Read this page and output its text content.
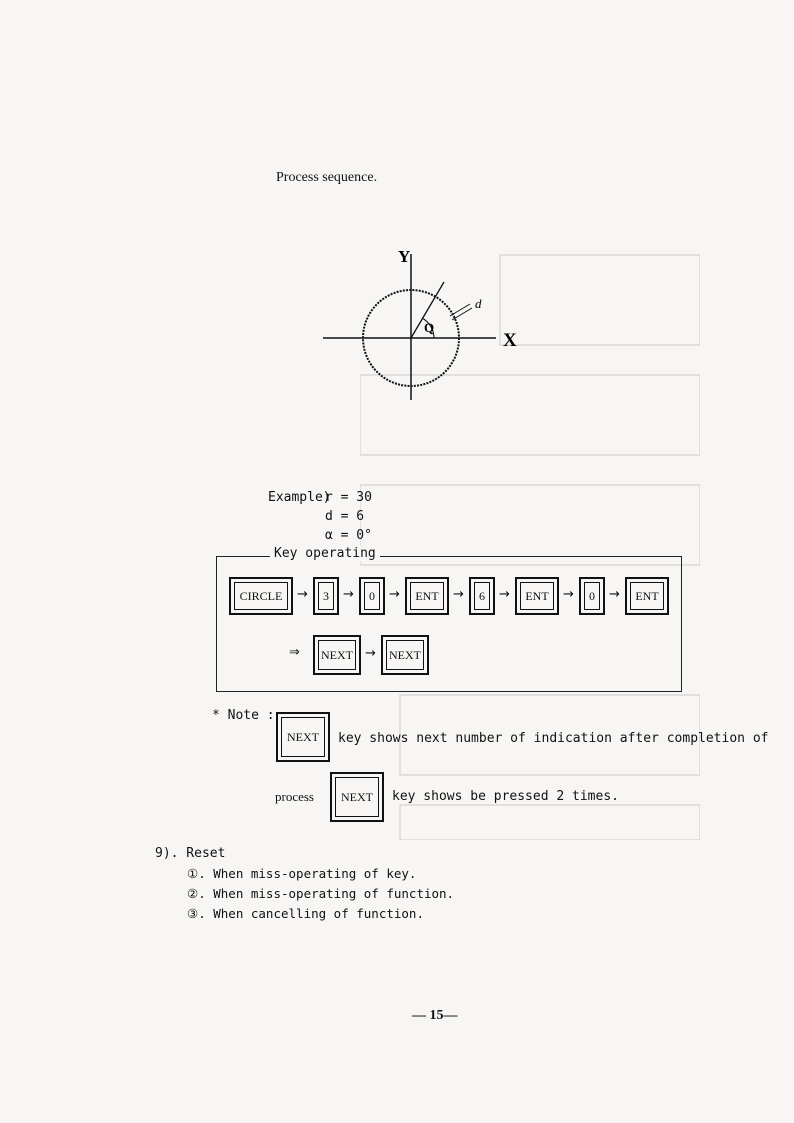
Process sequence.
Y
X
Q
d
Example)
r = 30
d = 6
α = 0°
CIRCLE → 3 → 0 → ENT → 6 → ENT → 0 → ENT
⇒ NEXT → NEXT
Key operating
* Note :
NEXT key shows next number of indication after completion of
process NEXT key shows be pressed 2 times.
9). Reset
①. When miss-operating of key.
②. When miss-operating of function.
③. When cancelling of function.
— 15—
